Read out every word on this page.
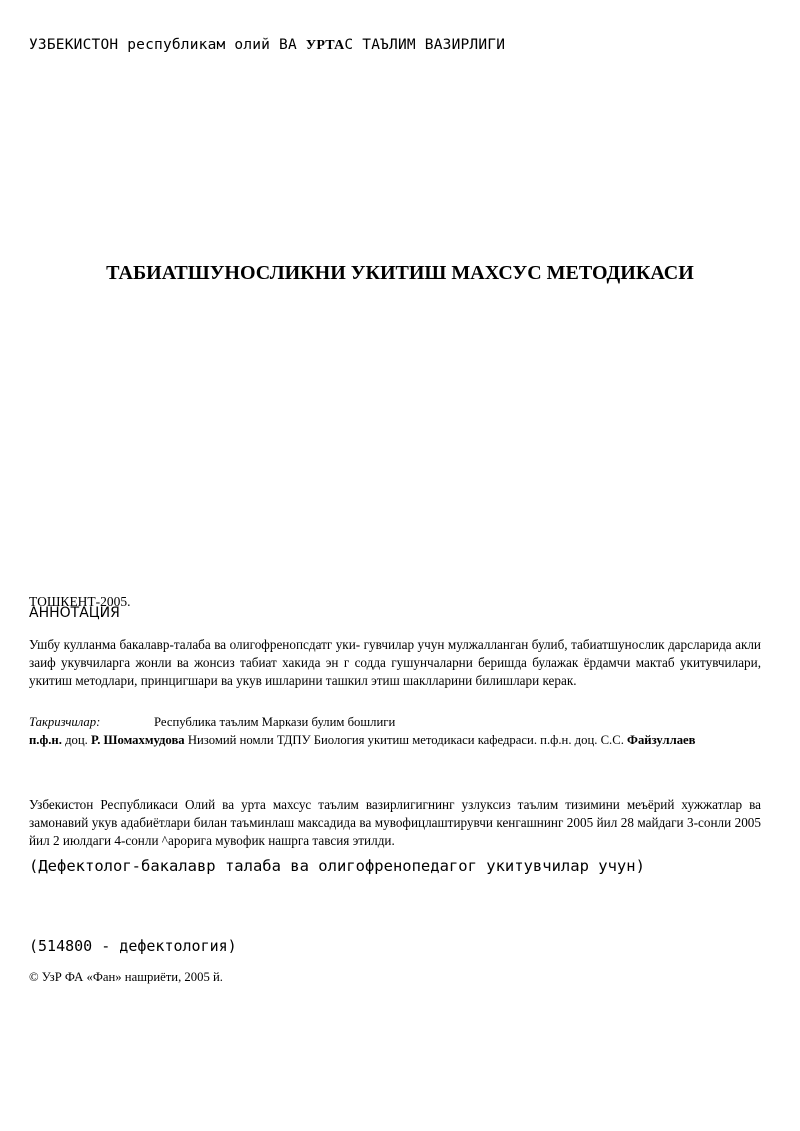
УЗБЕКИСТОН республикам олий ВА УРТАС ТАЪЛИМ ВАЗИРЛИГИ
ТАБИАТШУНОСЛИКНИ УКИТИШ МАХСУС МЕТОДИКАСИ
ТОШКЕНТ-2005.
АННОТАЦИЯ
Ушбу кулланма бакалавр-талаба ва олигофренопсдатг уки- гувчилар учун мулжалланган булиб, табиатшунослик дарсларида акли заиф укувчиларга жонли ва жонсиз табиат хакида эн г содда гушунчаларни беришда булажак ёрдамчи мактаб укитувчилари, укитиш методлари, принцигшари ва укув ишларини ташкил этиш шаклларини билишлари керак.
Такризчилар:	Республика таълим Маркази булим бошлиги
п.ф.н. доц. Р. Шомахмудова Низомий номли ТДПУ Биология укитиш методикаси кафедраси. п.ф.н. доц. С.С. Файзуллаев
Узбекистон Республикаси Олий ва урта махсус таълим вазирлигигнинг узлуксиз таълим тизимини меъёрий хужжатлар ва замонавий укув адабиётлари билан таъминлаш максадида ва мувофицлаштирувчи кенгашнинг 2005 йил 28 майдаги 3-сонли 2005 йил 2 июлдаги 4-сонли ^арорига мувофик нашрга тавсия этилди.
(Дефектолог-бакалавр талаба ва олигофренопедагог укитувчилар учун)
(514800 - дефектология)
© УзР ФА «Фан» нашриёти, 2005 й.
